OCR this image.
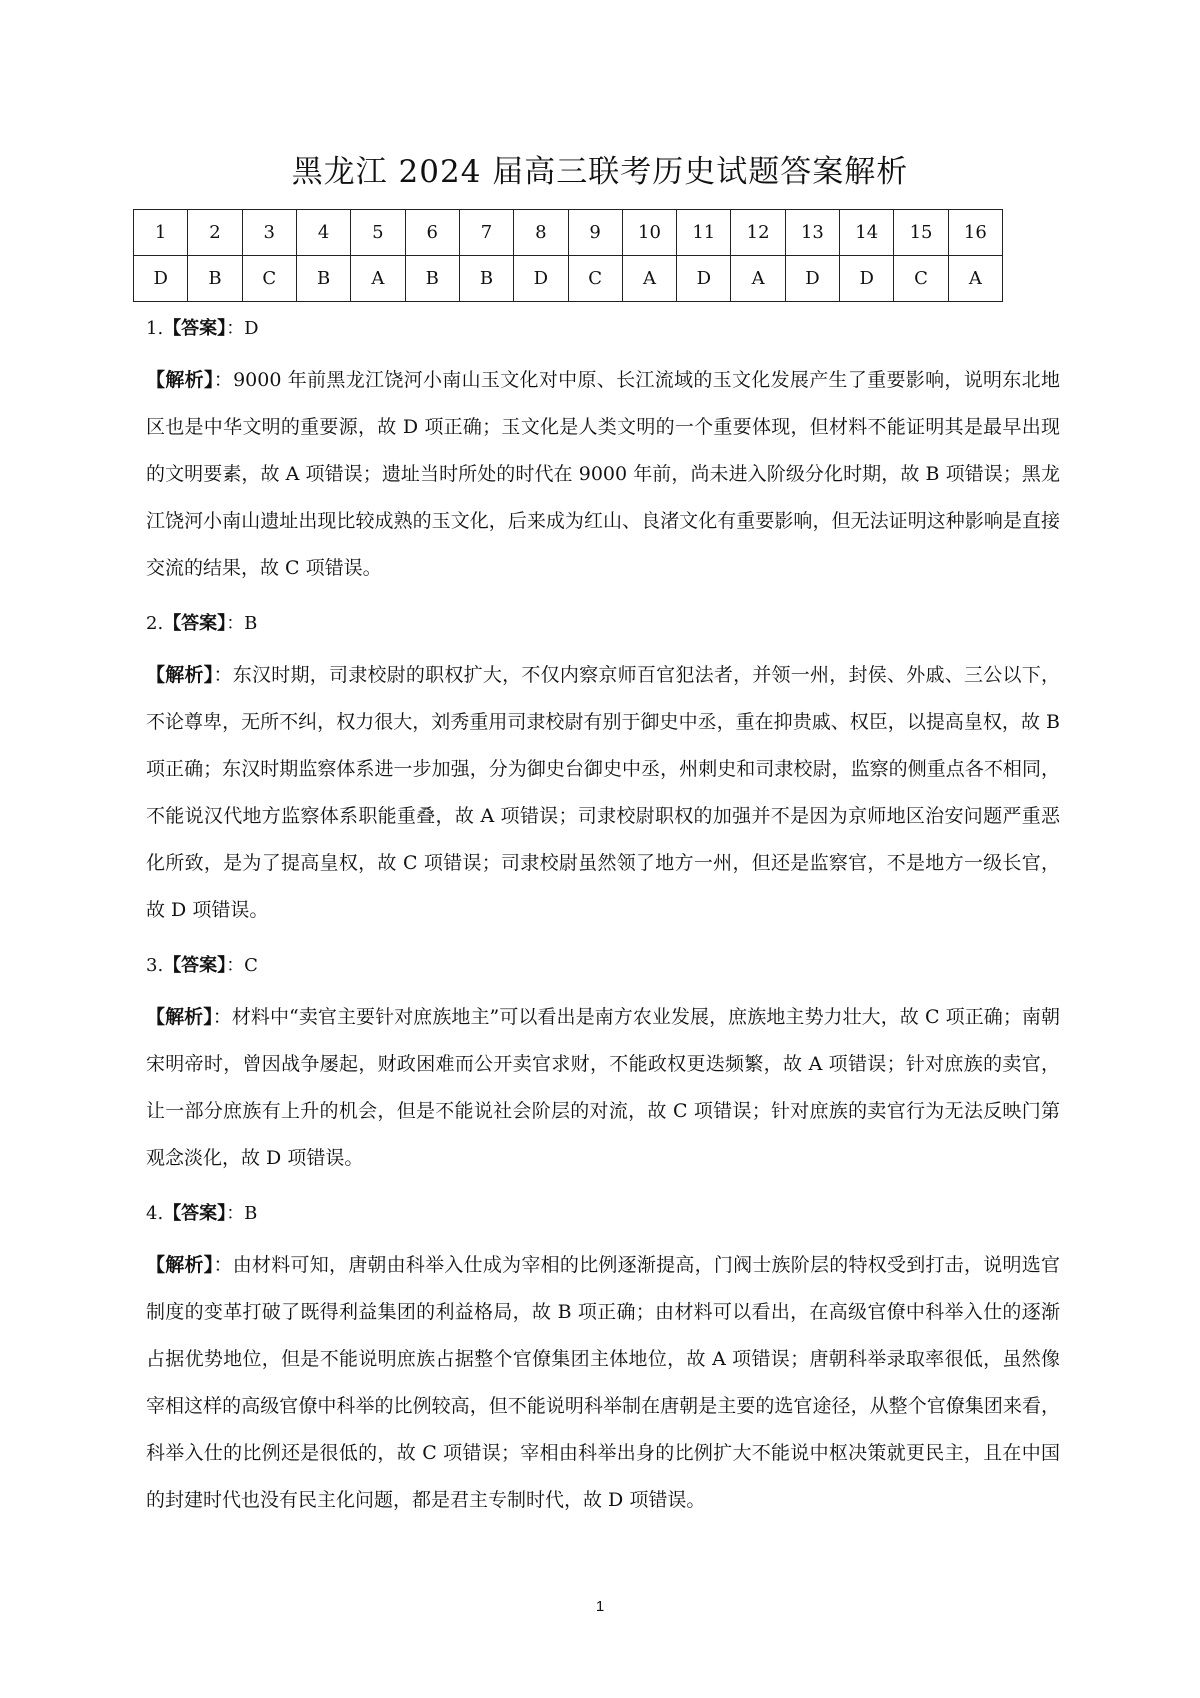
黑龙江 2024 届高三联考历史试题答案解析
1	2	3	4	5	6	7	8	9	10	11	12	13	14	15	16
D	B	C	B	A	B	B	D	C	A	D	A	D	D	C	A

1.【答案】：D

【解析】：9000 年前黑龙江饶河小南山玉文化对中原、长江流域的玉文化发展产生了重要影响，说明东北地区也是中华文明的重要源，故 D 项正确；玉文化是人类文明的一个重要体现，但材料不能证明其是最早出现的文明要素，故 A 项错误；遗址当时所处的时代在 9000 年前，尚未进入阶级分化时期，故 B 项错误；黑龙江饶河小南山遗址出现比较成熟的玉文化，后来成为红山、良渚文化有重要影响，但无法证明这种影响是直接交流的结果，故 C 项错误。

2.【答案】：B

【解析】：东汉时期，司隶校尉的职权扩大，不仅内察京师百官犯法者，并领一州，封侯、外戚、三公以下，不论尊卑，无所不纠，权力很大，刘秀重用司隶校尉有别于御史中丞，重在抑贵戚、权臣，以提高皇权，故 B 项正确；东汉时期监察体系进一步加强，分为御史台御史中丞，州刺史和司隶校尉，监察的侧重点各不相同，不能说汉代地方监察体系职能重叠，故 A 项错误；司隶校尉职权的加强并不是因为京师地区治安问题严重恶化所致，是为了提高皇权，故 C 项错误；司隶校尉虽然领了地方一州，但还是监察官，不是地方一级长官，故 D 项错误。

3.【答案】：C

【解析】：材料中“卖官主要针对庶族地主”可以看出是南方农业发展，庶族地主势力壮大，故 C 项正确；南朝宋明帝时，曾因战争屡起，财政困难而公开卖官求财，不能政权更迭频繁，故 A 项错误；针对庶族的卖官，让一部分庶族有上升的机会，但是不能说社会阶层的对流，故 C 项错误；针对庶族的卖官行为无法反映门第观念淡化，故 D 项错误。

4.【答案】：B

【解析】：由材料可知，唐朝由科举入仕成为宰相的比例逐渐提高，门阀士族阶层的特权受到打击，说明选官制度的变革打破了既得利益集团的利益格局，故 B 项正确；由材料可以看出，在高级官僚中科举入仕的逐渐占据优势地位，但是不能说明庶族占据整个官僚集团主体地位，故 A 项错误；唐朝科举录取率很低，虽然像宰相这样的高级官僚中科举的比例较高，但不能说明科举制在唐朝是主要的选官途径，从整个官僚集团来看，科举入仕的比例还是很低的，故 C 项错误；宰相由科举出身的比例扩大不能说中枢决策就更民主，且在中国的封建时代也没有民主化问题，都是君主专制时代，故 D 项错误。

1
